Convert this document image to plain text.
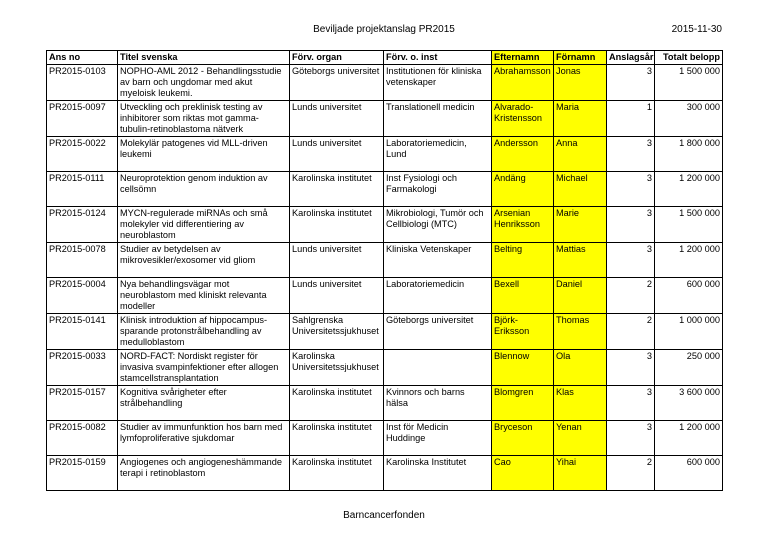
Beviljade projektanslag PR2015	2015-11-30
Ans no	Titel svenska	Förv. organ	Förv. o. inst	Efternamn	Förnamn	Anslagsår	Totalt belopp
PR2015-0103	NOPHO-AML 2012 - Behandlingsstudie av barn och ungdomar med akut myeloisk leukemi.	Göteborgs universitet	Institutionen för kliniska vetenskaper	Abrahamsson	Jonas	3	1 500 000
PR2015-0097	Utveckling och preklinisk testing av inhibitorer som riktas mot gamma-tubulin-retinoblastoma nätverk	Lunds universitet	Translationell medicin	Alvarado-Kristensson	Maria	1	300 000
PR2015-0022	Molekylär patogenes vid MLL-driven leukemi	Lunds universitet	Laboratoriemedicin, Lund	Andersson	Anna	3	1 800 000
PR2015-0111	Neuroprotektion genom induktion av cellsömn	Karolinska institutet	Inst Fysiologi och Farmakologi	Andäng	Michael	3	1 200 000
PR2015-0124	MYCN-regulerade miRNAs och små molekyler vid differentiering av neuroblastom	Karolinska institutet	Mikrobiologi, Tumör och Cellbiologi (MTC)	Arsenian Henriksson	Marie	3	1 500 000
PR2015-0078	Studier av betydelsen av mikrovesikler/exosomer vid gliom	Lunds universitet	Kliniska Vetenskaper	Belting	Mattias	3	1 200 000
PR2015-0004	Nya behandlingsvägar mot neuroblastom med kliniskt relevanta modeller	Lunds universitet	Laboratoriemedicin	Bexell	Daniel	2	600 000
PR2015-0141	Klinisk introduktion af hippocampus-sparande protonstrålbehandling av medulloblastom	Sahlgrenska Universitetssjukhuset	Göteborgs universitet	Björk-Eriksson	Thomas	2	1 000 000
PR2015-0033	NORD-FACT: Nordiskt register för invasiva svampinfektioner efter allogen stamcellstransplantation	Karolinska Universitetssjukhuset		Blennow	Ola	3	250 000
PR2015-0157	Kognitiva svårigheter efter strålbehandling	Karolinska institutet	Kvinnors och barns hälsa	Blomgren	Klas	3	3 600 000
PR2015-0082	Studier av immunfunktion hos barn med lymfoproliferative sjukdomar	Karolinska institutet	Inst för Medicin Huddinge	Bryceson	Yenan	3	1 200 000
PR2015-0159	Angiogenes och angiogeneshämmande terapi i retinoblastom	Karolinska institutet	Karolinska Institutet	Cao	Yihai	2	600 000
Barncancerfonden
